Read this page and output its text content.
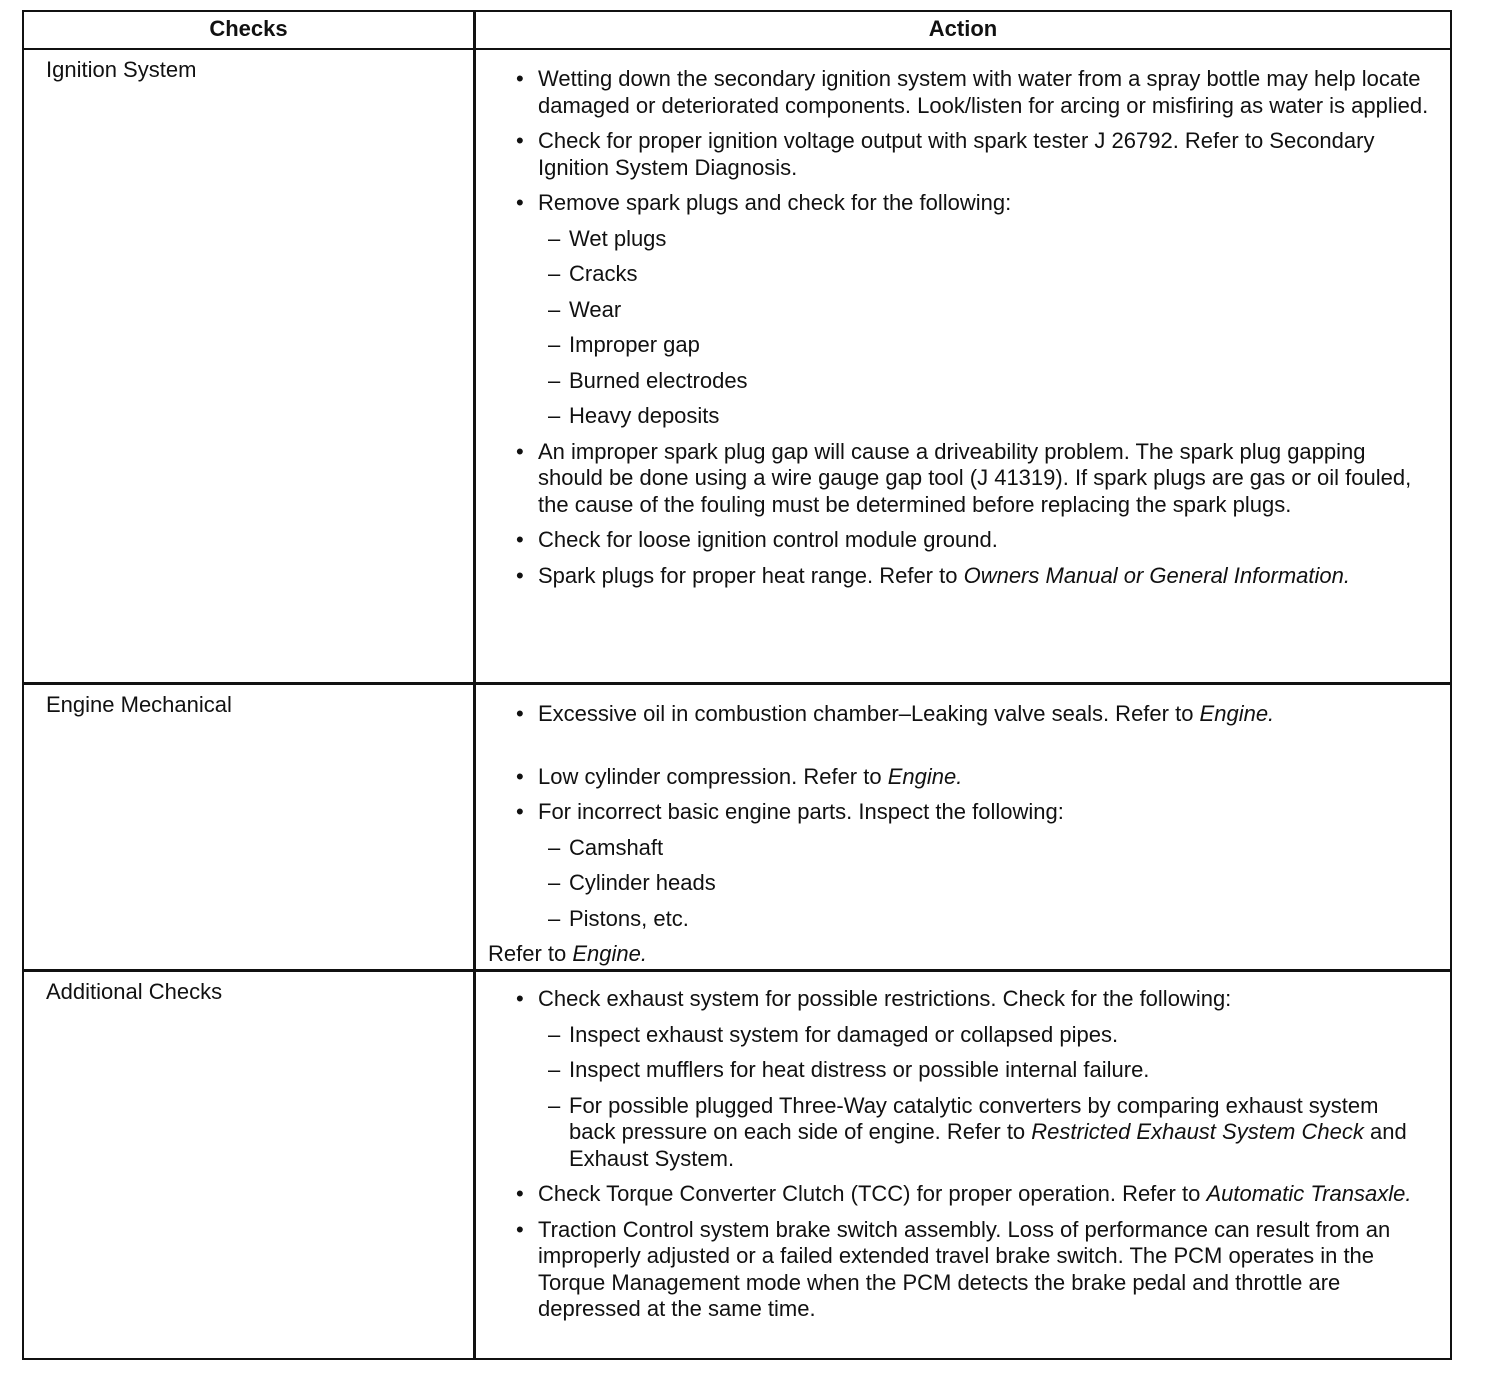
Checks	Action
Ignition System	• Wetting down the secondary ignition system with water from a spray bottle may help locate damaged or deteriorated components. Look/listen for arcing or misfiring as water is applied.
• Check for proper ignition voltage output with spark tester J 26792. Refer to Secondary Ignition System Diagnosis.
• Remove spark plugs and check for the following:
– Wet plugs
– Cracks
– Wear
– Improper gap
– Burned electrodes
– Heavy deposits
• An improper spark plug gap will cause a driveability problem. The spark plug gapping should be done using a wire gauge gap tool (J 41319). If spark plugs are gas or oil fouled, the cause of the fouling must be determined before replacing the spark plugs.
• Check for loose ignition control module ground.
• Spark plugs for proper heat range. Refer to Owners Manual or General Information.
Engine Mechanical	• Excessive oil in combustion chamber–Leaking valve seals. Refer to Engine.
• Low cylinder compression. Refer to Engine.
• For incorrect basic engine parts. Inspect the following:
– Camshaft
– Cylinder heads
– Pistons, etc.
Refer to Engine.
Additional Checks	• Check exhaust system for possible restrictions. Check for the following:
– Inspect exhaust system for damaged or collapsed pipes.
– Inspect mufflers for heat distress or possible internal failure.
– For possible plugged Three-Way catalytic converters by comparing exhaust system back pressure on each side of engine. Refer to Restricted Exhaust System Check and Exhaust System.
• Check Torque Converter Clutch (TCC) for proper operation. Refer to Automatic Transaxle.
• Traction Control system brake switch assembly. Loss of performance can result from an improperly adjusted or a failed extended travel brake switch. The PCM operates in the Torque Management mode when the PCM detects the brake pedal and throttle are depressed at the same time.
